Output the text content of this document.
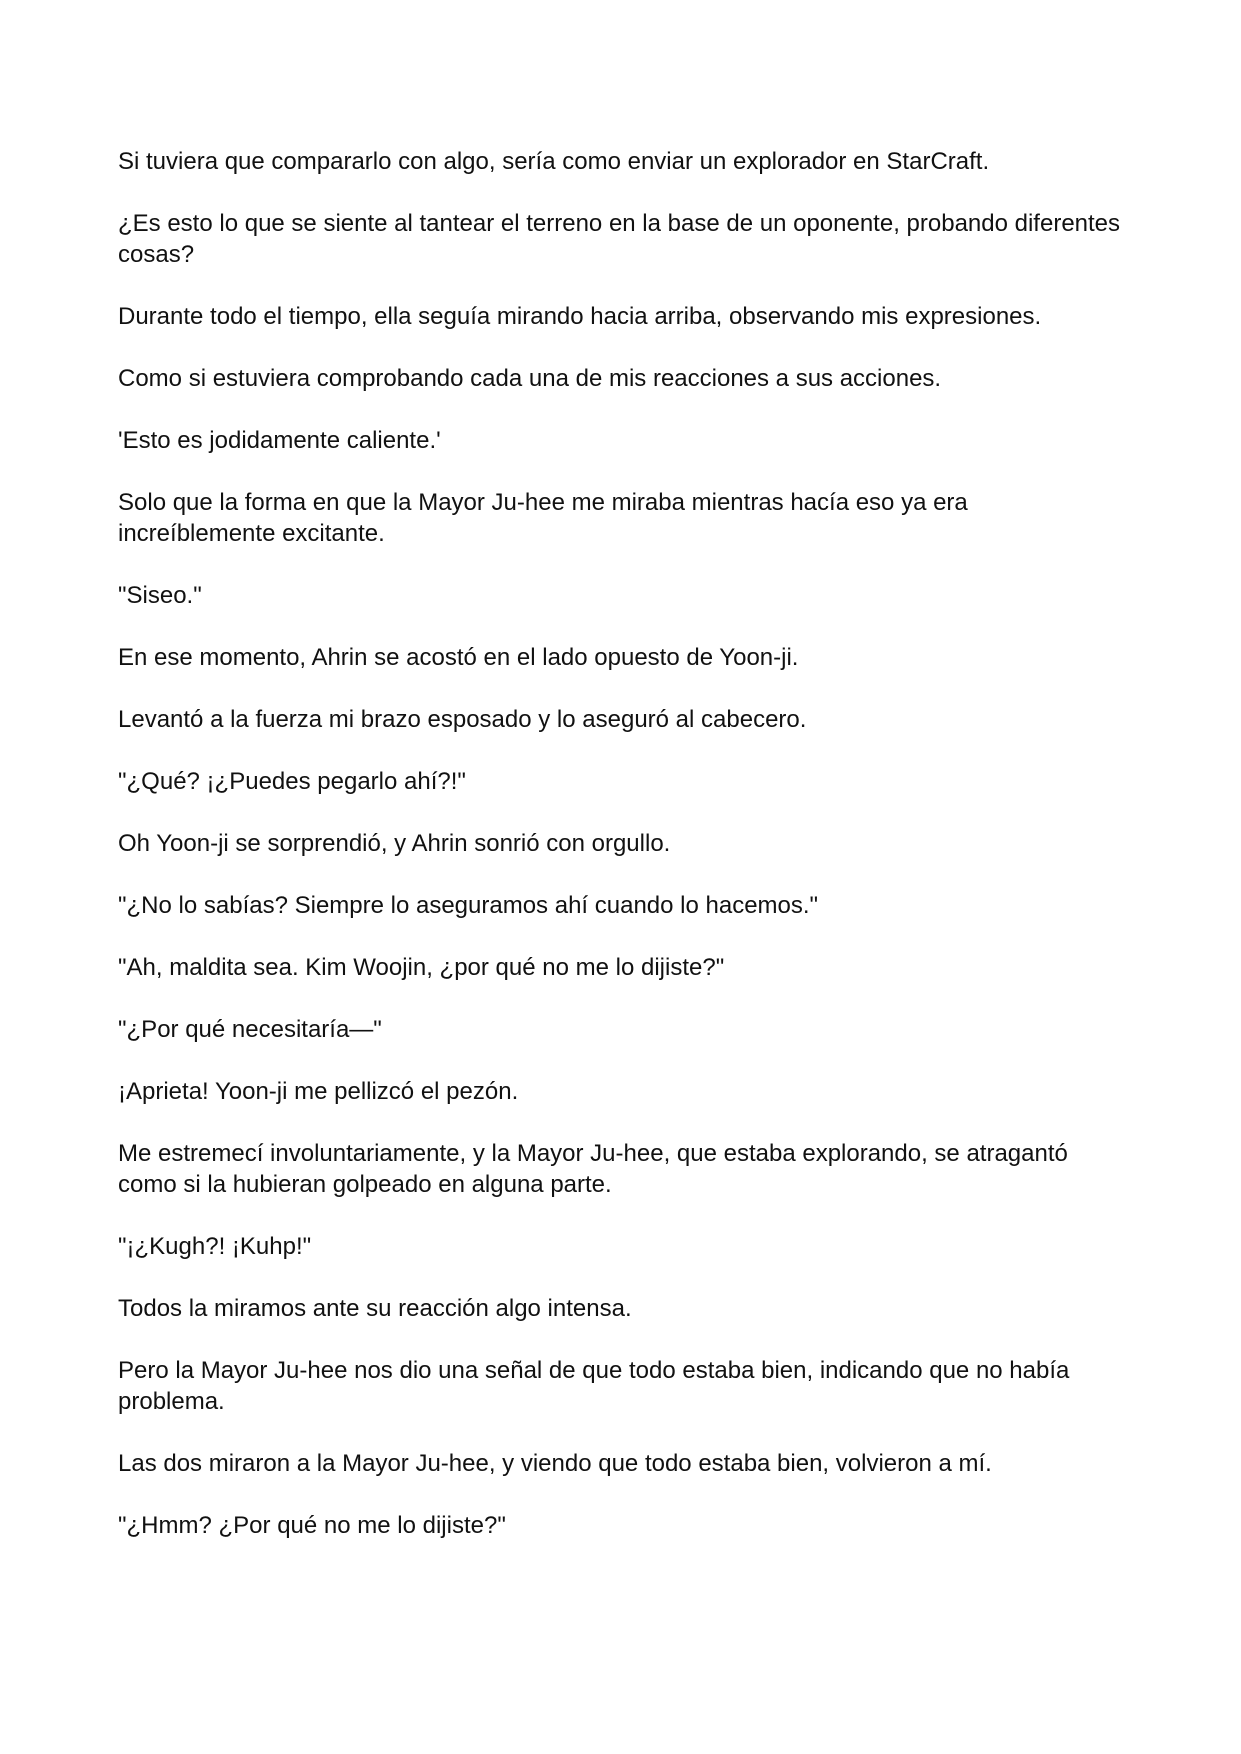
Si tuviera que compararlo con algo, sería como enviar un explorador en StarCraft.

¿Es esto lo que se siente al tantear el terreno en la base de un oponente, probando diferentes cosas?

Durante todo el tiempo, ella seguía mirando hacia arriba, observando mis expresiones.

Como si estuviera comprobando cada una de mis reacciones a sus acciones.

'Esto es jodidamente caliente.'

Solo que la forma en que la Mayor Ju-hee me miraba mientras hacía eso ya era increíblemente excitante.

"Siseo."

En ese momento, Ahrin se acostó en el lado opuesto de Yoon-ji.

Levantó a la fuerza mi brazo esposado y lo aseguró al cabecero.

"¿Qué? ¡¿Puedes pegarlo ahí?!"

Oh Yoon-ji se sorprendió, y Ahrin sonrió con orgullo.

"¿No lo sabías? Siempre lo aseguramos ahí cuando lo hacemos."

"Ah, maldita sea. Kim Woojin, ¿por qué no me lo dijiste?"

"¿Por qué necesitaría—"

¡Aprieta! Yoon-ji me pellizcó el pezón.

Me estremecí involuntariamente, y la Mayor Ju-hee, que estaba explorando, se atragantó como si la hubieran golpeado en alguna parte.

"¡¿Kugh?! ¡Kuhp!"

Todos la miramos ante su reacción algo intensa.

Pero la Mayor Ju-hee nos dio una señal de que todo estaba bien, indicando que no había problema.

Las dos miraron a la Mayor Ju-hee, y viendo que todo estaba bien, volvieron a mí.

"¿Hmm? ¿Por qué no me lo dijiste?"
